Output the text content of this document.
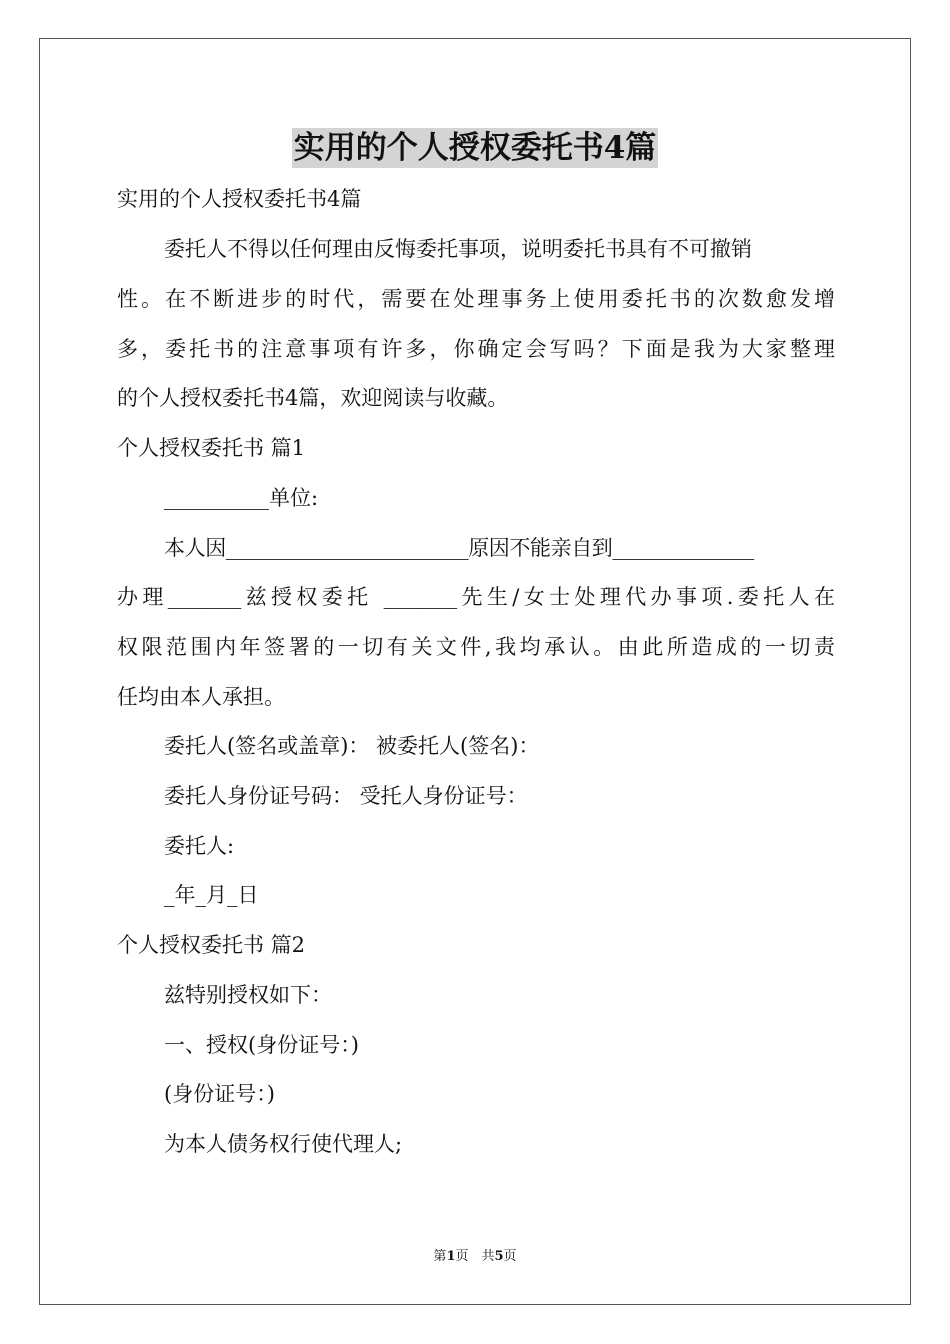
实用的个人授权委托书4篇
实用的个人授权委托书4篇
委托人不得以任何理由反悔委托事项，说明委托书具有不可撤销
性。在不断进步的时代，需要在处理事务上使用委托书的次数愈发增
多，委托书的注意事项有许多，你确定会写吗？下面是我为大家整理
的个人授权委托书4篇，欢迎阅读与收藏。
个人授权委托书 篇1
__________单位:
本人因________________________原因不能亲自到______________
办理_______兹授权委托 _______先生/女士处理代办事项.委托人在
权限范围内年签署的一切有关文件,我均承认。由此所造成的一切责
任均由本人承担。
委托人(签名或盖章)： 被委托人(签名)：
委托人身份证号码： 受托人身份证号：
委托人:
_年_月_日
个人授权委托书 篇2
兹特别授权如下：
一、授权(身份证号：)
(身份证号：)
为本人债务权行使代理人;
第1页　共5页
